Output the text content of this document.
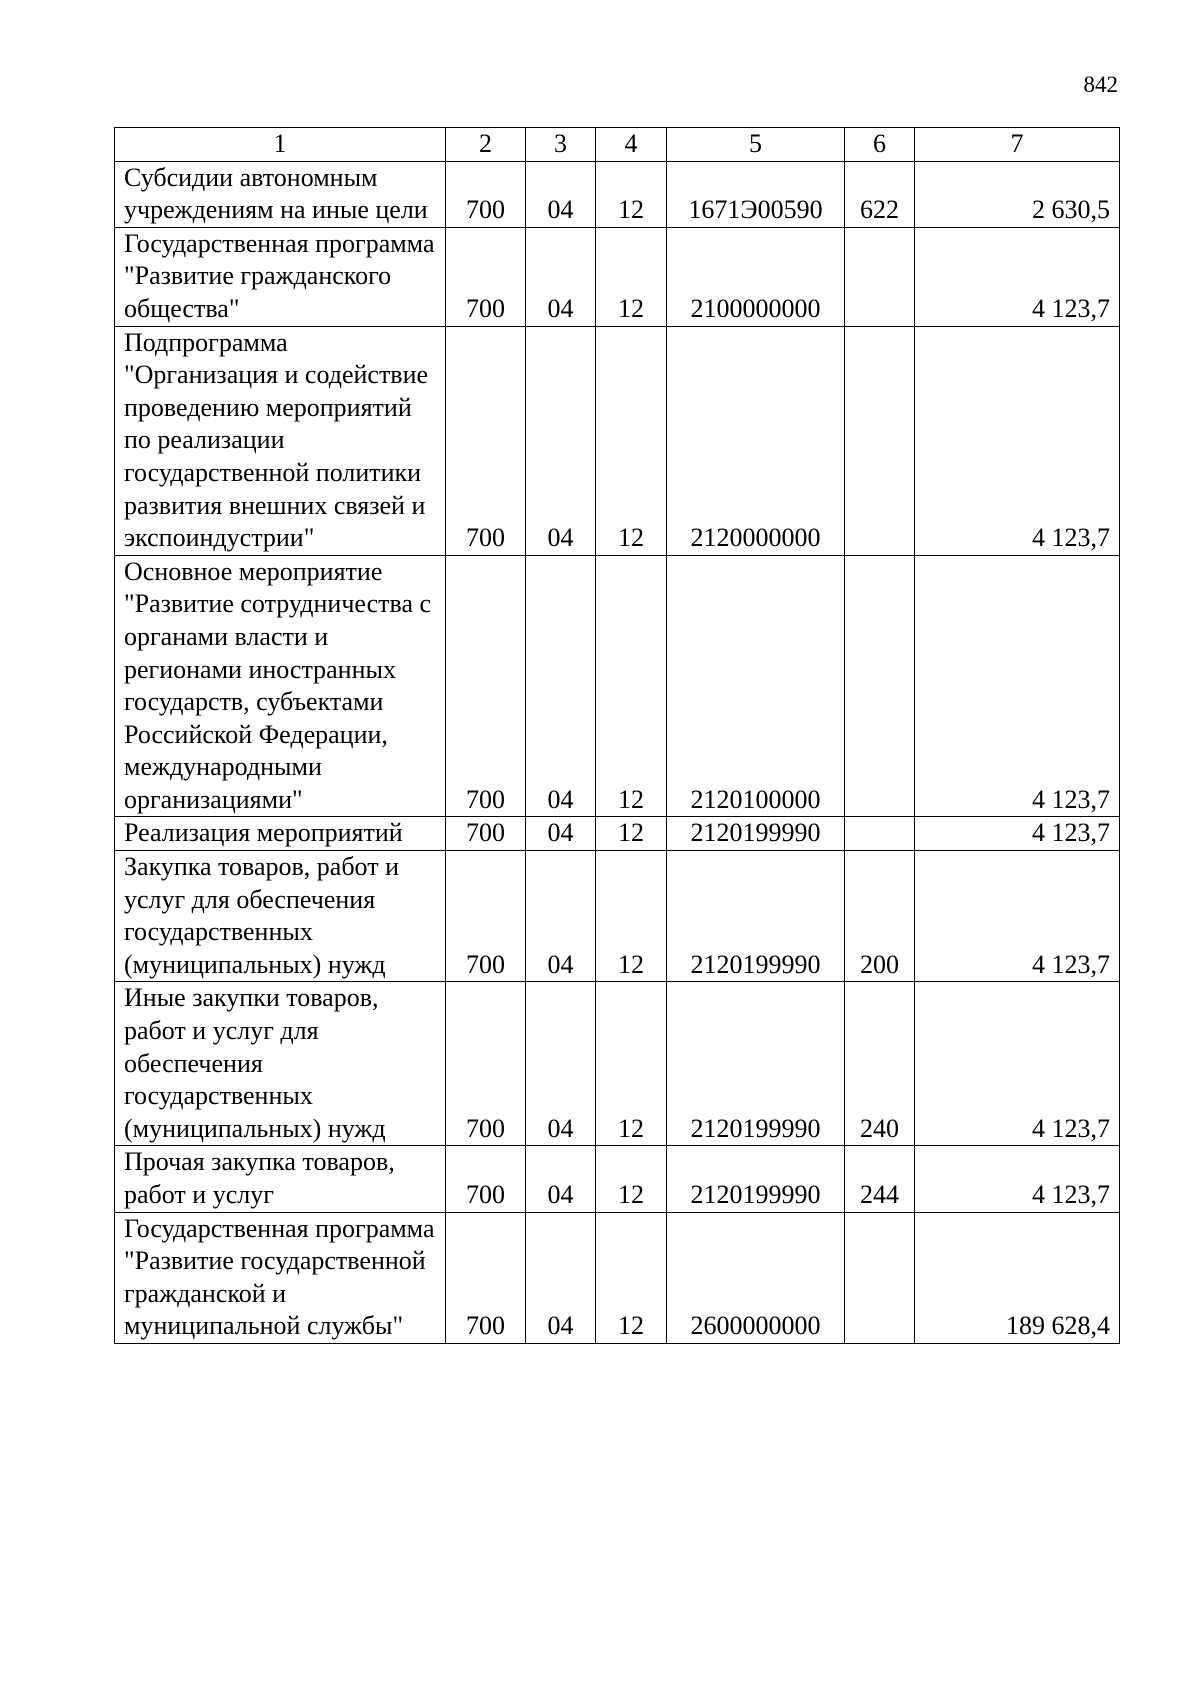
842
1	2	3	4	5	6	7
Субсидии автономным учреждениям на иные цели	700	04	12	1671Э00590	622	2 630,5
Государственная программа "Развитие гражданского общества"	700	04	12	2100000000		4 123,7
Подпрограмма "Организация и содействие проведению мероприятий по реализации государственной политики развития внешних связей и экспоиндустрии"	700	04	12	2120000000		4 123,7
Основное мероприятие "Развитие сотрудничества с органами власти и регионами иностранных государств, субъектами Российской Федерации, международными организациями"	700	04	12	2120100000		4 123,7
Реализация мероприятий	700	04	12	2120199990		4 123,7
Закупка товаров, работ и услуг для обеспечения государственных (муниципальных) нужд	700	04	12	2120199990	200	4 123,7
Иные закупки товаров, работ и услуг для обеспечения государственных (муниципальных) нужд	700	04	12	2120199990	240	4 123,7
Прочая закупка товаров, работ и услуг	700	04	12	2120199990	244	4 123,7
Государственная программа "Развитие государственной гражданской и муниципальной службы"	700	04	12	2600000000		189 628,4
